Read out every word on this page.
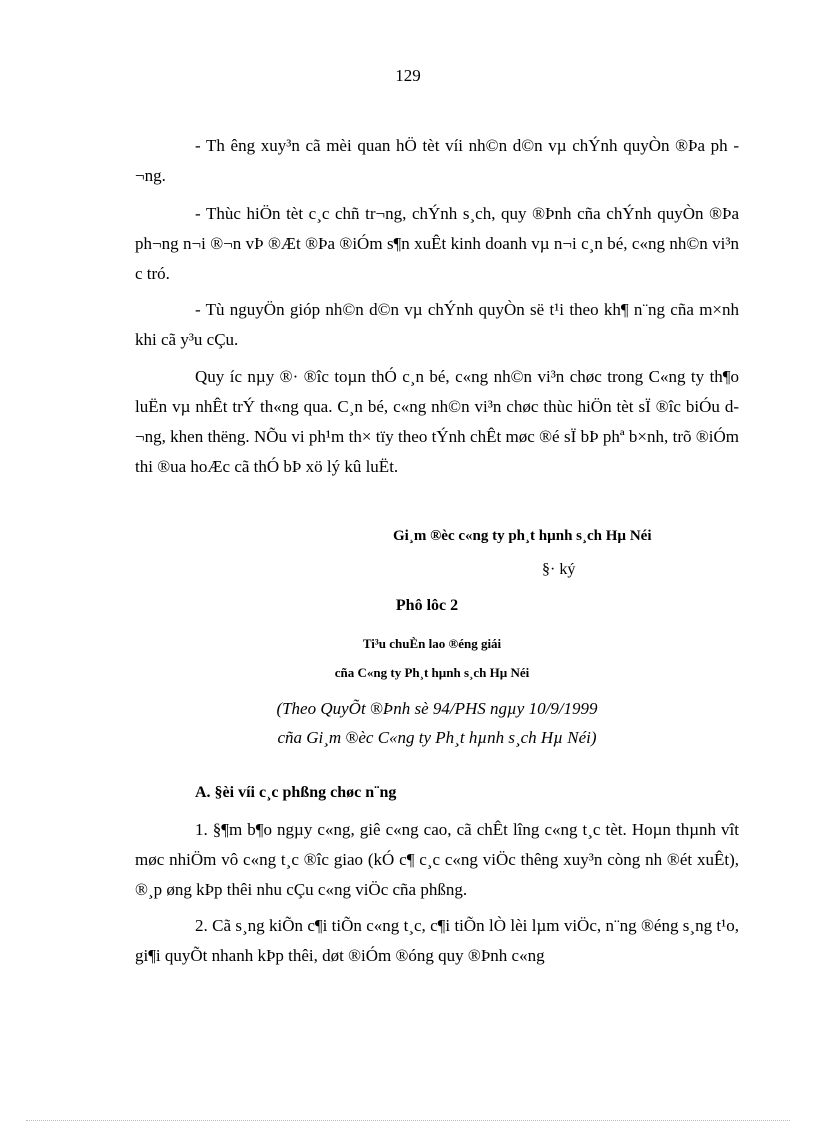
129

- Th êng xuy³n cã mèi quan hÖ tèt víi nh©n d©n vµ chÝnh quyÒn ®Þa ph ¬ng.

- Thùc hiÖn tèt c¸c chñ tr¬ng, chÝnh s¸ch, quy ®Þnh cña chÝnh quyÒn ®Þa ph¬ng n¬i ®¬n vÞ ®Æt ®Þa ®iÓm s¶n xuÊt kinh doanh vµ n¬i c¸n bé, c«ng nh©n vi³n c tró.

- Tù nguyÖn gióp nh©n d©n vµ chÝnh quyÒn së t¹i theo kh¶ n¨ng cña m×nh khi cã y³u cÇu.

Quy íc nµy ®· ®îc toµn thÓ c¸n bé, c«ng nh©n vi³n chøc trong C«ng ty th¶o luËn vµ nhÊt trÝ th«ng qua. C¸n bé, c«ng nh©n vi³n chøc thùc hiÖn tèt sÏ ®îc biÓu d¬ng, khen thëng. NÕu vi ph¹m th× tïy theo tÝnh chÊt møc ®é sÏ bÞ phª b×nh, trõ ®iÓm thi ®ua hoÆc cã thÓ bÞ xö lý kû luËt.

Gi¸m ®èc c«ng ty ph¸t hµnh s¸ch Hµ Néi
§· ký
Phô lôc 2
Ti³u chuÈn lao ®éng giái
cña C«ng ty Ph¸t hµnh s¸ch Hµ Néi
(Theo QuyÕt ®Þnh sè 94/PHS ngµy 10/9/1999
cña Gi¸m ®èc C«ng ty Ph¸t hµnh s¸ch Hµ Néi)
A. §èi víi c¸c phßng chøc n¨ng

1. §¶m b¶o ngµy c«ng, giê c«ng cao, cã chÊt lîng c«ng t¸c tèt. Hoµn thµnh vît møc nhiÖm vô c«ng t¸c ®îc giao (kÓ c¶ c¸c c«ng viÖc thêng xuy³n còng nh ®ét xuÊt), ®¸p øng kÞp thêi nhu cÇu c«ng viÖc cña phßng.

2. Cã s¸ng kiÕn c¶i tiÕn c«ng t¸c, c¶i tiÕn lÒ lèi lµm viÖc, n¨ng ®éng s¸ng t¹o, gi¶i quyÕt nhanh kÞp thêi, døt ®iÓm ®óng quy ®Þnh c«ng
